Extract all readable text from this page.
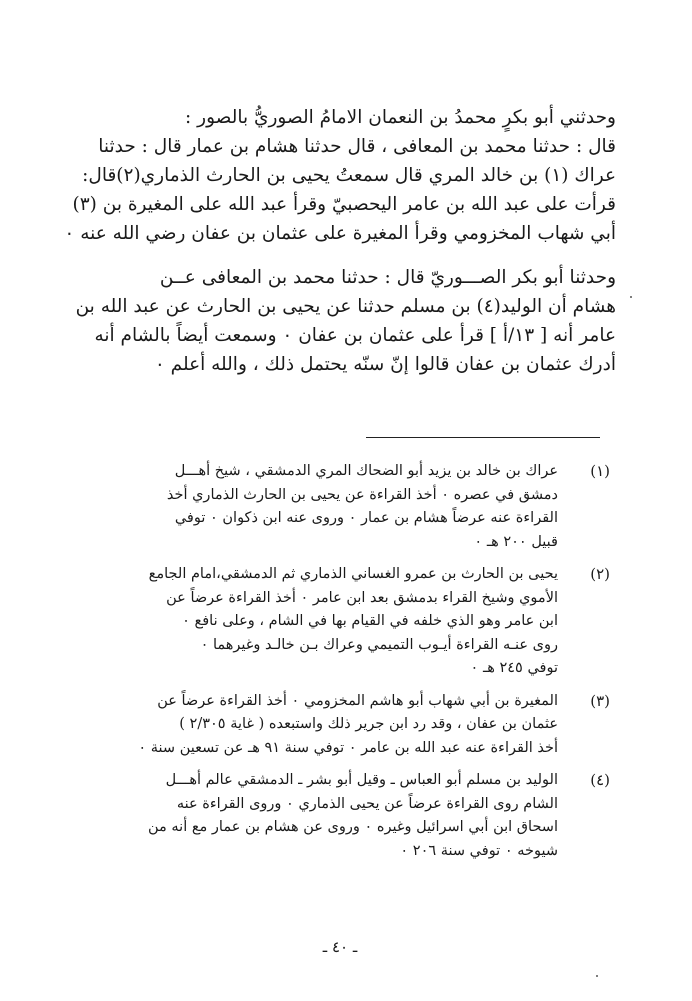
وحدثني أبو بكرٍ محمدُ بن النعمان الامامُ الصوريُّ بالصور :
قال : حدثنا محمد بن المعافى ، قال حدثنا هشام بن عمار قال : حدثنا
عراك (١) بن خالد المري قال سمعتُ يحيى بن الحارث الذماري(٢)قال:
قرأت على عبد الله بن عامر اليحصبيّ وقرأ عبد الله على المغيرة بن (٣)
أبي شهاب المخزومي وقرأ المغيرة على عثمان بن عفان رضي الله عنه ٠
وحدثنا أبو بكر الصـــوريّ قال : حدثنا محمد بن المعافى عــن
هشام أن الوليد(٤) بن مسلم حدثنا عن يحيى بن الحارث عن عبد الله بن
عامر أنه [ ١٣/أ ] قرأ على عثمان بن عفان ٠ وسمعت أيضاً بالشام أنه
أدرك عثمان بن عفان قالوا إنّ سنّه يحتمل ذلك ، والله أعلم ٠
(١)
عراك بن خالد بن يزيد أبو الضحاك المري الدمشقي ، شيخ أهـــل
دمشق في عصره ٠ أخذ القراءة عن يحيى بن الحارث الذماري أخذ
القراءة عنه عرضاً هشام بن عمار ٠ وروى عنه ابن ذكوان ٠ توفي
قبيل ٢٠٠ هـ ٠
(٢)
يحيى بن الحارث بن عمرو الغساني الذماري ثم الدمشقي،امام الجامع
الأموي وشيخ القراء بدمشق بعد ابن عامر ٠ أخذ القراءة عرضاً عن
ابن عامر وهو الذي خلفه في القيام بها في الشام ، وعلى نافع ٠
روى عنـه القراءة أيـوب التميمي وعراك بـن خالـد وغيرهما ٠
توفي ٢٤٥ هـ ٠
(٣)
المغيرة بن أبي شهاب أبو هاشم المخزومي ٠ أخذ القراءة عرضاً عن
عثمان بن عفان ، وقد رد ابن جرير ذلك واستبعده ( غاية ٢/٣٠٥ )
أخذ القراءة عنه عبد الله بن عامر ٠ توفي سنة ٩١ هـ عن تسعين سنة ٠
(٤)
الوليد بن مسلم أبو العباس ـ وقيل أبو بشر ـ الدمشقي عالم أهـــل
الشام روى القراءة عرضاً عن يحيى الذماري ٠ وروى القراءة عنه
اسحاق ابن أبي اسرائيل وغيره ٠ وروى عن هشام بن عمار مع أنه من
شيوخه ٠ توفي سنة ٢٠٦ ٠
ـ ٤٠ ـ
